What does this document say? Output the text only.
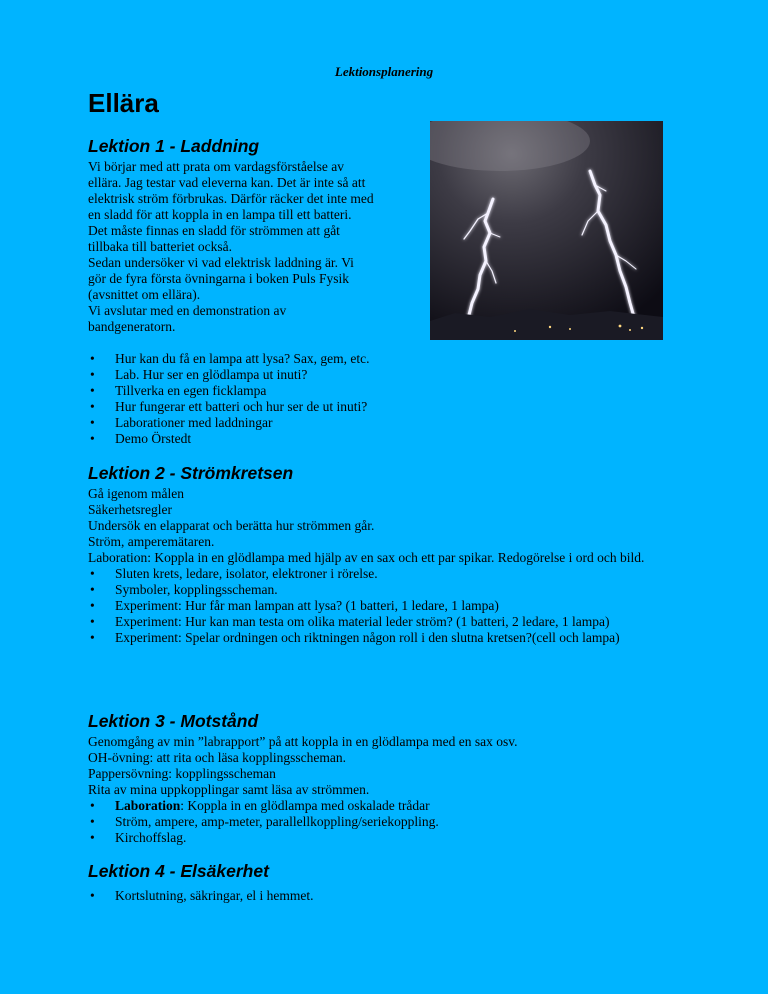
Lektionsplanering
Ellära
Lektion 1 - Laddning

Vi börjar med att prata om vardagsförståelse av

ellära. Jag testar vad eleverna kan. Det är inte så att

elektrisk ström förbrukas. Därför räcker det inte med

en sladd för att koppla in en lampa till ett batteri.

Det måste finnas en sladd för strömmen att gåt

tillbaka till batteriet också.

Sedan undersöker vi vad elektrisk laddning är. Vi

gör de fyra första övningarna i boken Puls Fysik

(avsnittet om ellära).

Vi avslutar med en demonstration av

bandgeneratorn.

• Hur kan du få en lampa att lysa? Sax, gem, etc.
• Lab. Hur ser en glödlampa ut inuti?
• Tillverka en egen ficklampa
• Hur fungerar ett batteri och hur ser de ut inuti?
• Laborationer med laddningar
• Demo Örstedt
Lektion 2 - Strömkretsen

Gå igenom målen

Säkerhetsregler

Undersök en elapparat och berätta hur strömmen går.

Ström, amperemätaren.

Laboration: Koppla in en glödlampa med hjälp av en sax och ett par spikar. Redogörelse i ord och bild.

• Sluten krets, ledare, isolator, elektroner i rörelse.
• Symboler, kopplingsscheman.
• Experiment: Hur får man lampan att lysa? (1 batteri, 1 ledare, 1 lampa)
• Experiment: Hur kan man testa om olika material leder ström? (1 batteri, 2 ledare, 1 lampa)
• Experiment: Spelar ordningen och riktningen någon roll i den slutna kretsen?(cell och lampa)
Lektion 3 - Motstånd

Genomgång av min ”labrapport” på att koppla in en glödlampa med en sax osv.

OH-övning: att rita och läsa kopplingsscheman.

Pappersövning: kopplingsscheman

Rita av mina uppkopplingar samt läsa av strömmen.

• Laboration: Koppla in en glödlampa med oskalade trådar
• Ström, ampere, amp-meter, parallellkoppling/seriekoppling.
• Kirchoffslag.
Lektion 4 - Elsäkerhet
• Kortslutning, säkringar, el i hemmet.
